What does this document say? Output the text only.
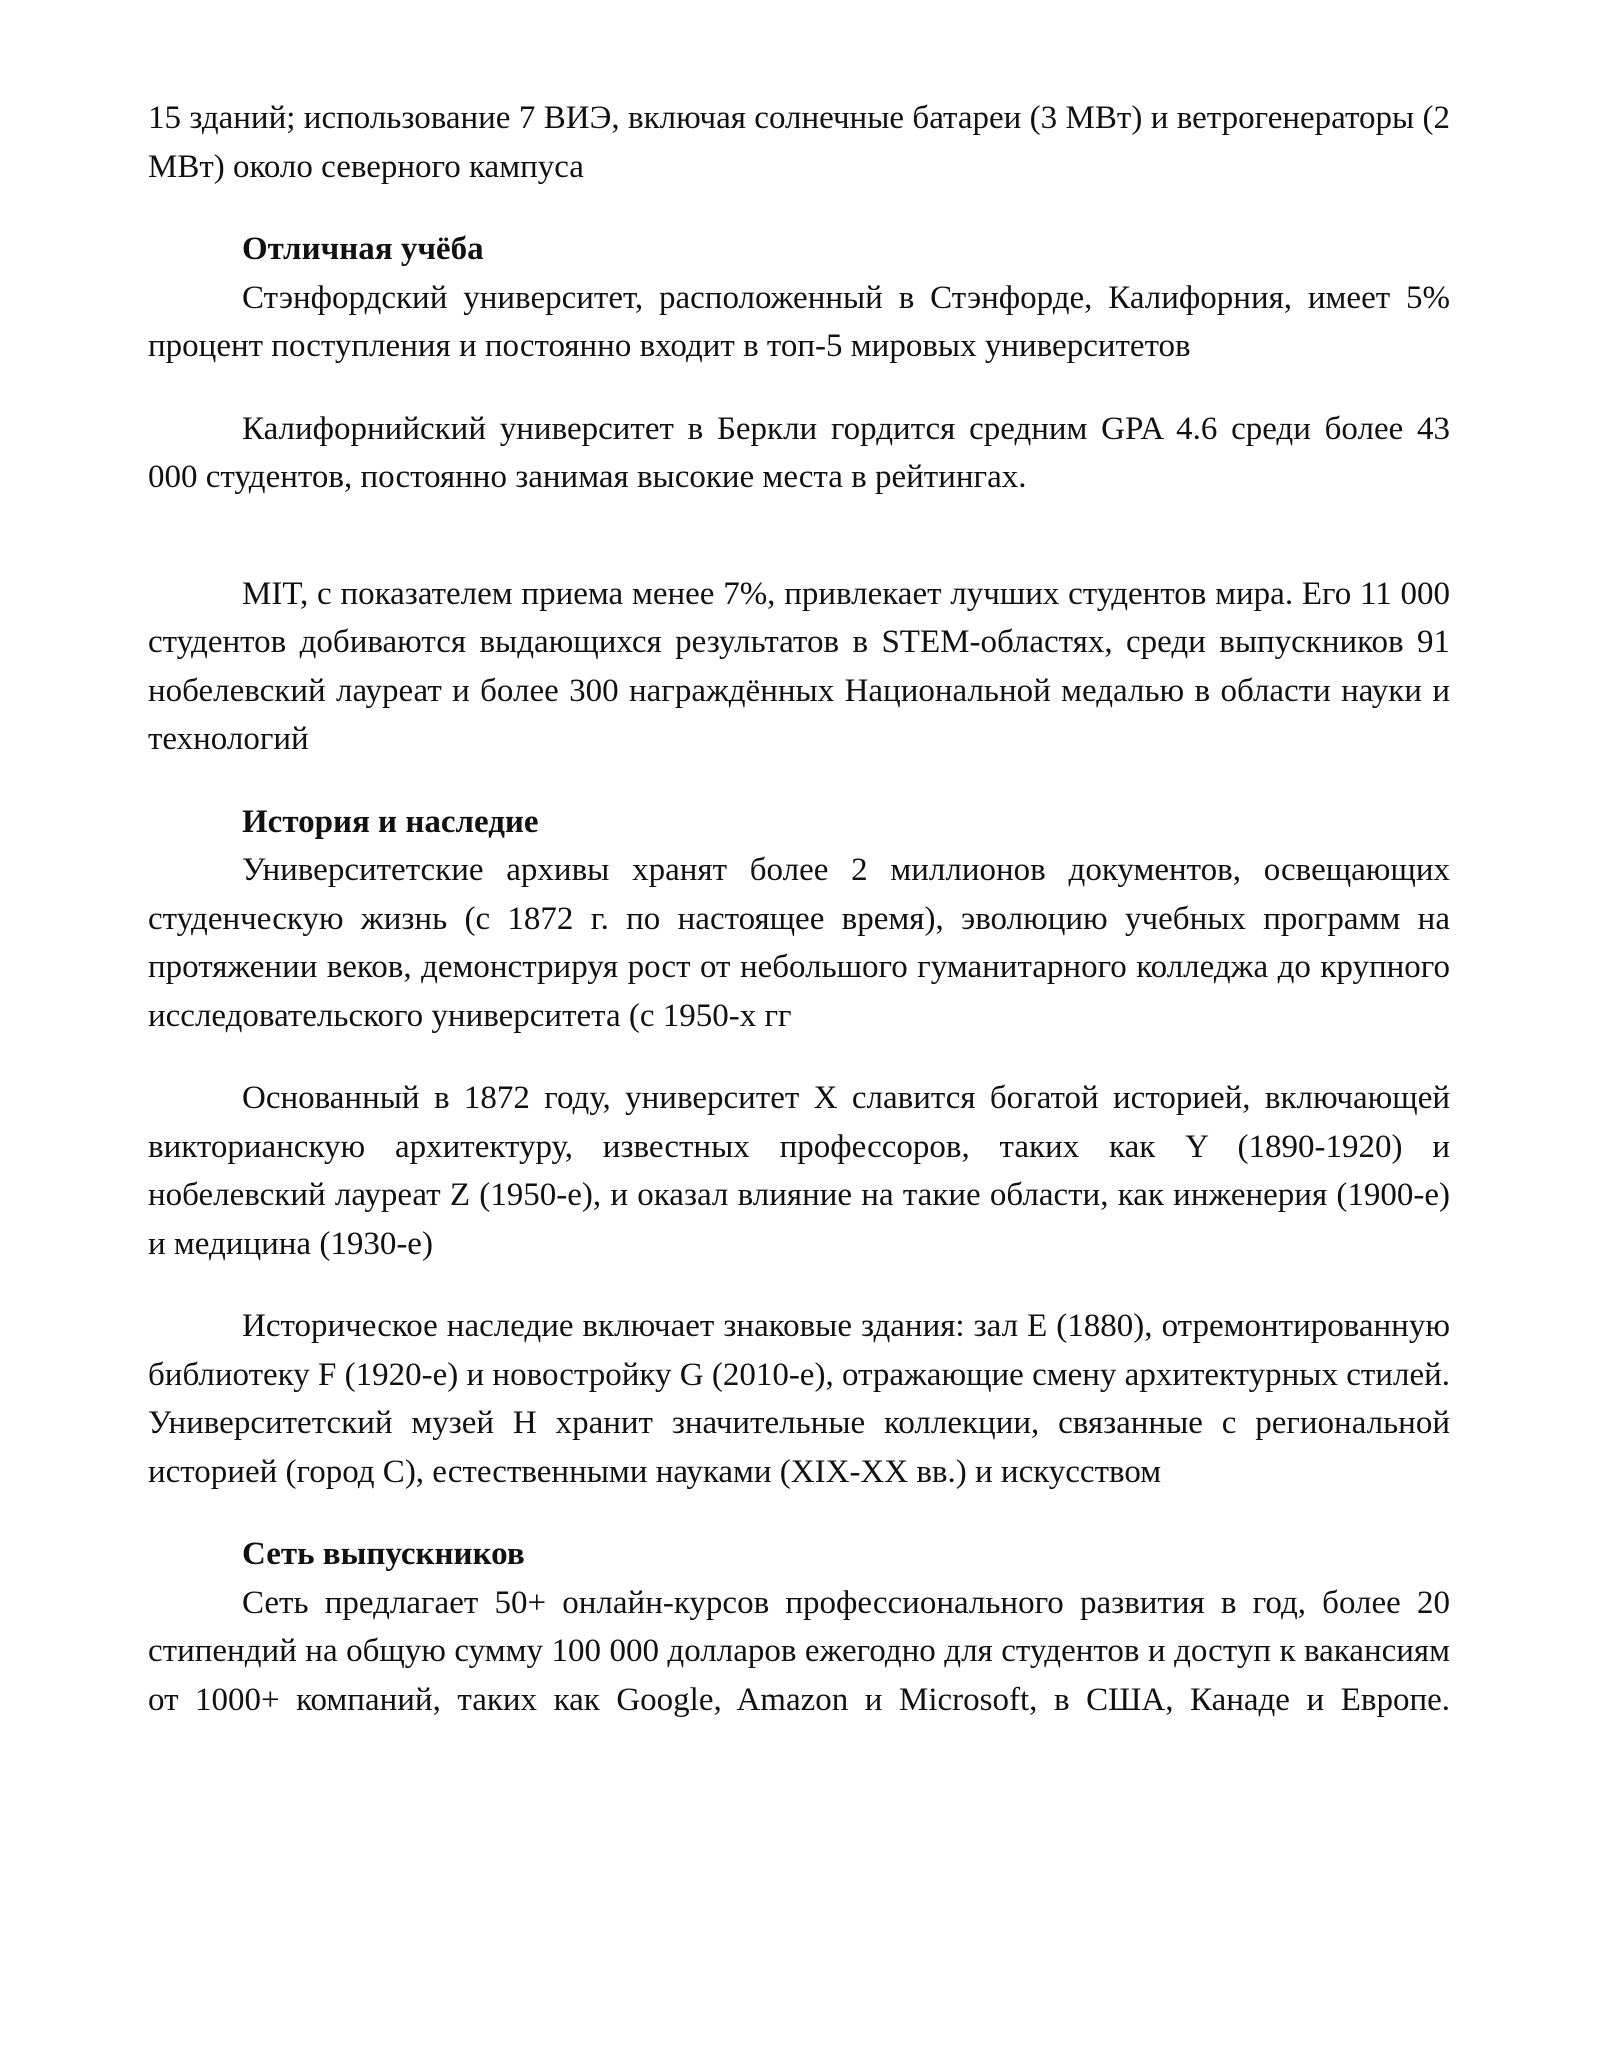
15 зданий; использование 7 ВИЭ, включая солнечные батареи (3 МВт) и ветрогенераторы (2 МВт) около северного кампуса

Отличная учёба

Стэнфордский университет, расположенный в Стэнфорде, Калифорния, имеет 5% процент поступления и постоянно входит в топ-5 мировых университетов

Калифорнийский университет в Беркли гордится средним GPA 4.6 среди более 43 000 студентов, постоянно занимая высокие места в рейтингах.

MIT, с показателем приема менее 7%, привлекает лучших студентов мира. Его 11 000 студентов добиваются выдающихся результатов в STEM-областях, среди выпускников 91 нобелевский лауреат и более 300 награждённых Национальной медалью в области науки и технологий

История и наследие

Университетские архивы хранят более 2 миллионов документов, освещающих студенческую жизнь (с 1872 г. по настоящее время), эволюцию учебных программ на протяжении веков, демонстрируя рост от небольшого гуманитарного колледжа до крупного исследовательского университета (с 1950-х гг

Основанный в 1872 году, университет X славится богатой историей, включающей викторианскую архитектуру, известных профессоров, таких как Y (1890-1920) и нобелевский лауреат Z (1950-е), и оказал влияние на такие области, как инженерия (1900-е) и медицина (1930-е)

Историческое наследие включает знаковые здания: зал E (1880), отремонтированную библиотеку F (1920-е) и новостройку G (2010-е), отражающие смену архитектурных стилей. Университетский музей H хранит значительные коллекции, связанные с региональной историей (город C), естественными науками (XIX-XX вв.) и искусством

Сеть выпускников

Сеть предлагает 50+ онлайн-курсов профессионального развития в год, более 20 стипендий на общую сумму 100 000 долларов ежегодно для студентов и доступ к вакансиям от 1000+ компаний, таких как Google, Amazon и Microsoft, в США, Канаде и Европе.
